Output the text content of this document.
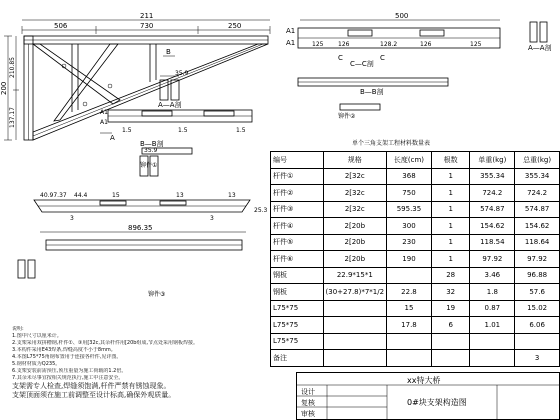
211
506	730	250
200
210.85
137.17
B
A
35.9
A—A剖
A1
A1
1.5	1.5	1.5
B—B剖
铆件①
500
A1
A1	125 126	128.2	126	125
C	C
C—C剖
A—A剖
B—B剖
铆件②
35.9
40.97.37 44.4	15	13	13
3	3
896.35
25.3
铆件③
说明:
1.图中尺寸以厘米计。
2.支架采用双拼槽钢,杆件①、③用[32c,其余杆件用[20b组成,节点处采用钢板焊接。
3.本构件采用E43焊条,焊缝高度不小于8mm。
4.本图L75*75角钢布置用于连接各杆件,见详图。
5.钢材材质为Q235。
6.支架安装前需预压,预压重量为施工荷载的1.2倍。
7.其余未尽事宜按相关规范执行,施工中注意安全。
支架需专人检查,焊缝须饱满,杆件严禁有锈蚀现象。
支架顶面须在施工前调整至设计标高,确保外观质量。
单个三角支架工程材料数量表
编号	规格	长度(cm)	根数	单重(kg)	总重(kg)
杆件①	2[32c	368	1	355.34	355.34
杆件②	2[32c	750	1	724.2	724.2
杆件③	2[32c	595.35	1	574.87	574.87
杆件④	2[20b	300	1	154.62	154.62
杆件⑤	2[20b	230	1	118.54	118.64
杆件⑥	2[20b	190	1	97.92	97.92
钢板	22.9*15*1		28	3.46	96.88
钢板	(30+27.8)*7*1/2	22.8	32	1.8	57.6
L75*75		15	19	0.87	15.02
L75*75		17.8	6	1.01	6.06
L75*75					
备注					3
xx特大桥
设计
复核
审核
0#块支架构造图
